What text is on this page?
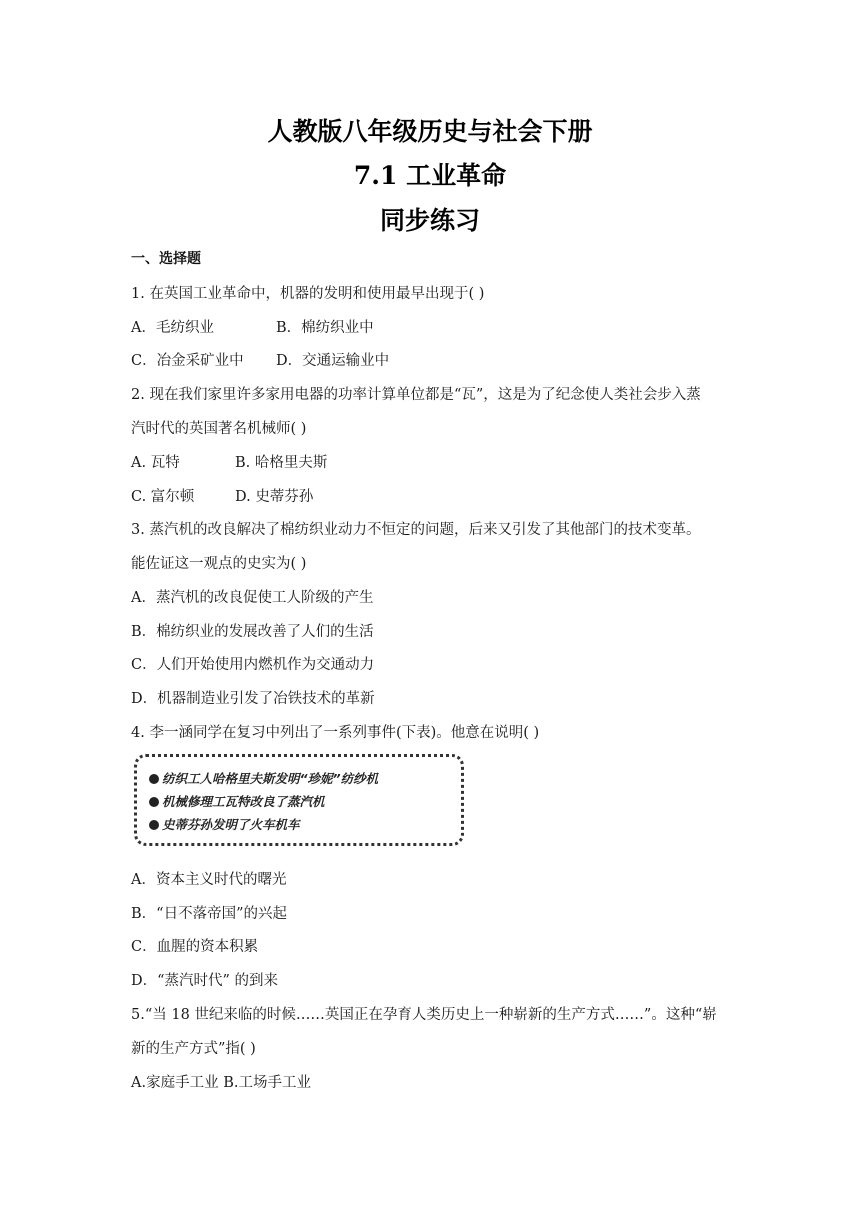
人教版八年级历史与社会下册
7.1 工业革命
同步练习
一、选择题
1. 在英国工业革命中，机器的发明和使用最早出现于( )
A．毛纺织业	B．棉纺织业中
C．冶金采矿业中 D．交通运输业中
2. 现在我们家里许多家用电器的功率计算单位都是“瓦”，这是为了纪念使人类社会步入蒸
汽时代的英国著名机械师( )
A. 瓦特	B. 哈格里夫斯
C. 富尔顿	D. 史蒂芬孙
3. 蒸汽机的改良解决了棉纺织业动力不恒定的问题，后来又引发了其他部门的技术变革。
能佐证这一观点的史实为( )
A．蒸汽机的改良促使工人阶级的产生
B．棉纺织业的发展改善了人们的生活
C．人们开始使用内燃机作为交通动力
D．机器制造业引发了冶铁技术的革新
4. 李一涵同学在复习中列出了一系列事件(下表)。他意在说明( )
纺织工人哈格里夫斯发明“珍妮”纺纱机
机械修理工瓦特改良了蒸汽机
史蒂芬孙发明了火车机车
A．资本主义时代的曙光
B．“日不落帝国”的兴起
C．血腥的资本积累
D．“蒸汽时代” 的到来
5.“当 18 世纪来临的时候……英国正在孕育人类历史上一种崭新的生产方式……”。这种“崭
新的生产方式”指( )
A.家庭手工业 B.工场手工业
